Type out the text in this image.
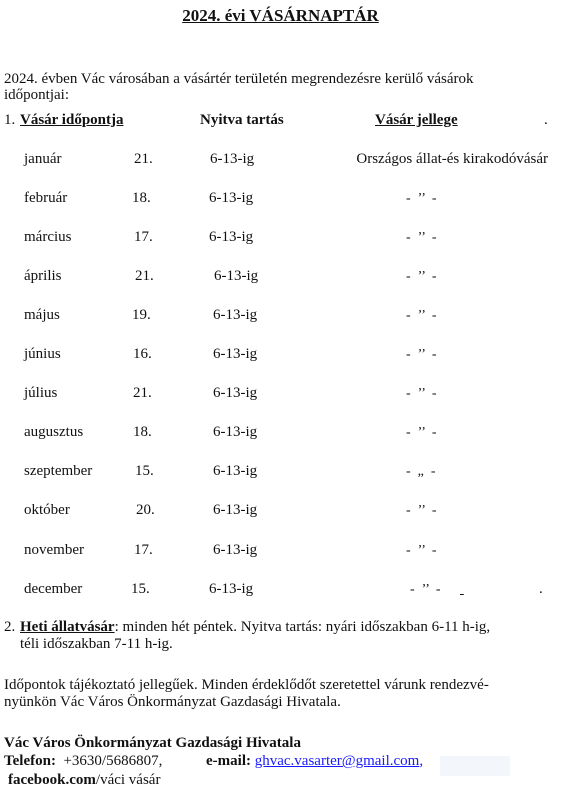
2024. évi VÁSÁRNAPTÁR
2024. évben Vác városában a vásártér területén megrendezésre kerülő vásárok
időpontjai:
1. Vásár időpontja	Nyitva tartás	Vásár jellege	.
január	21.	6-13-ig	Országos állat-és kirakodóvásár
február	18.	6-13-ig	-  ’’  -
március	17.	6-13-ig	-  ’’  -
április	21.	6-13-ig	-  ’’  -
május	19.	6-13-ig	-  ’’  -
június	16.	6-13-ig	-  ’’  -
július	21.	6-13-ig	-  ’’  -
augusztus	18.	6-13-ig	-  ’’  -
szeptember	15.	6-13-ig	-  „  -
október	20.	6-13-ig	-  ’’  -
november	17.	6-13-ig	-  ’’  -
december	15.	6-13-ig	-  ’’  -
	.
2. Heti állatvásár: minden hét péntek. Nyitva tartás: nyári időszakban 6-11 h-ig,
téli időszakban 7-11 h-ig.
Időpontok tájékoztató jellegűek. Minden érdeklődőt szeretettel várunk rendezvé-
nyünkön Vác Város Önkormányzat Gazdasági Hivatala.
Vác Város Önkormányzat Gazdasági Hivatala
Telefon: +3630/5686807,	e-mail: ghvac.vasarter@gmail.com,
facebook.com/váci vásár
